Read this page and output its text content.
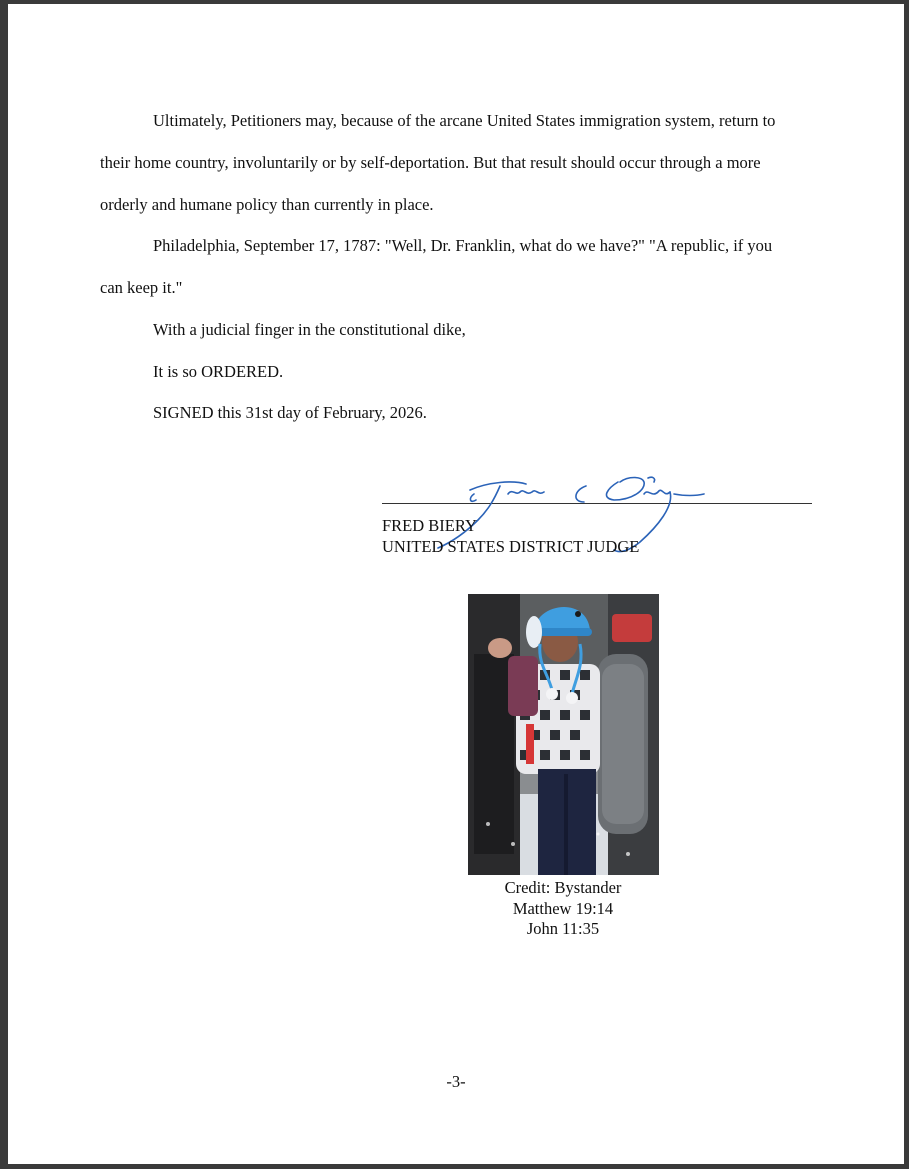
Ultimately, Petitioners may, because of the arcane United States immigration system, return to
their home country, involuntarily or by self-deportation. But that result should occur through a more
orderly and humane policy than currently in place.
Philadelphia, September 17, 1787: "Well, Dr. Franklin, what do we have?" "A republic, if you
can keep it."
With a judicial finger in the constitutional dike,
It is so ORDERED.
SIGNED this 31st day of February, 2026.
FRED BIERY
UNITED STATES DISTRICT JUDGE
Credit: Bystander
Matthew 19:14
John 11:35
-3-
